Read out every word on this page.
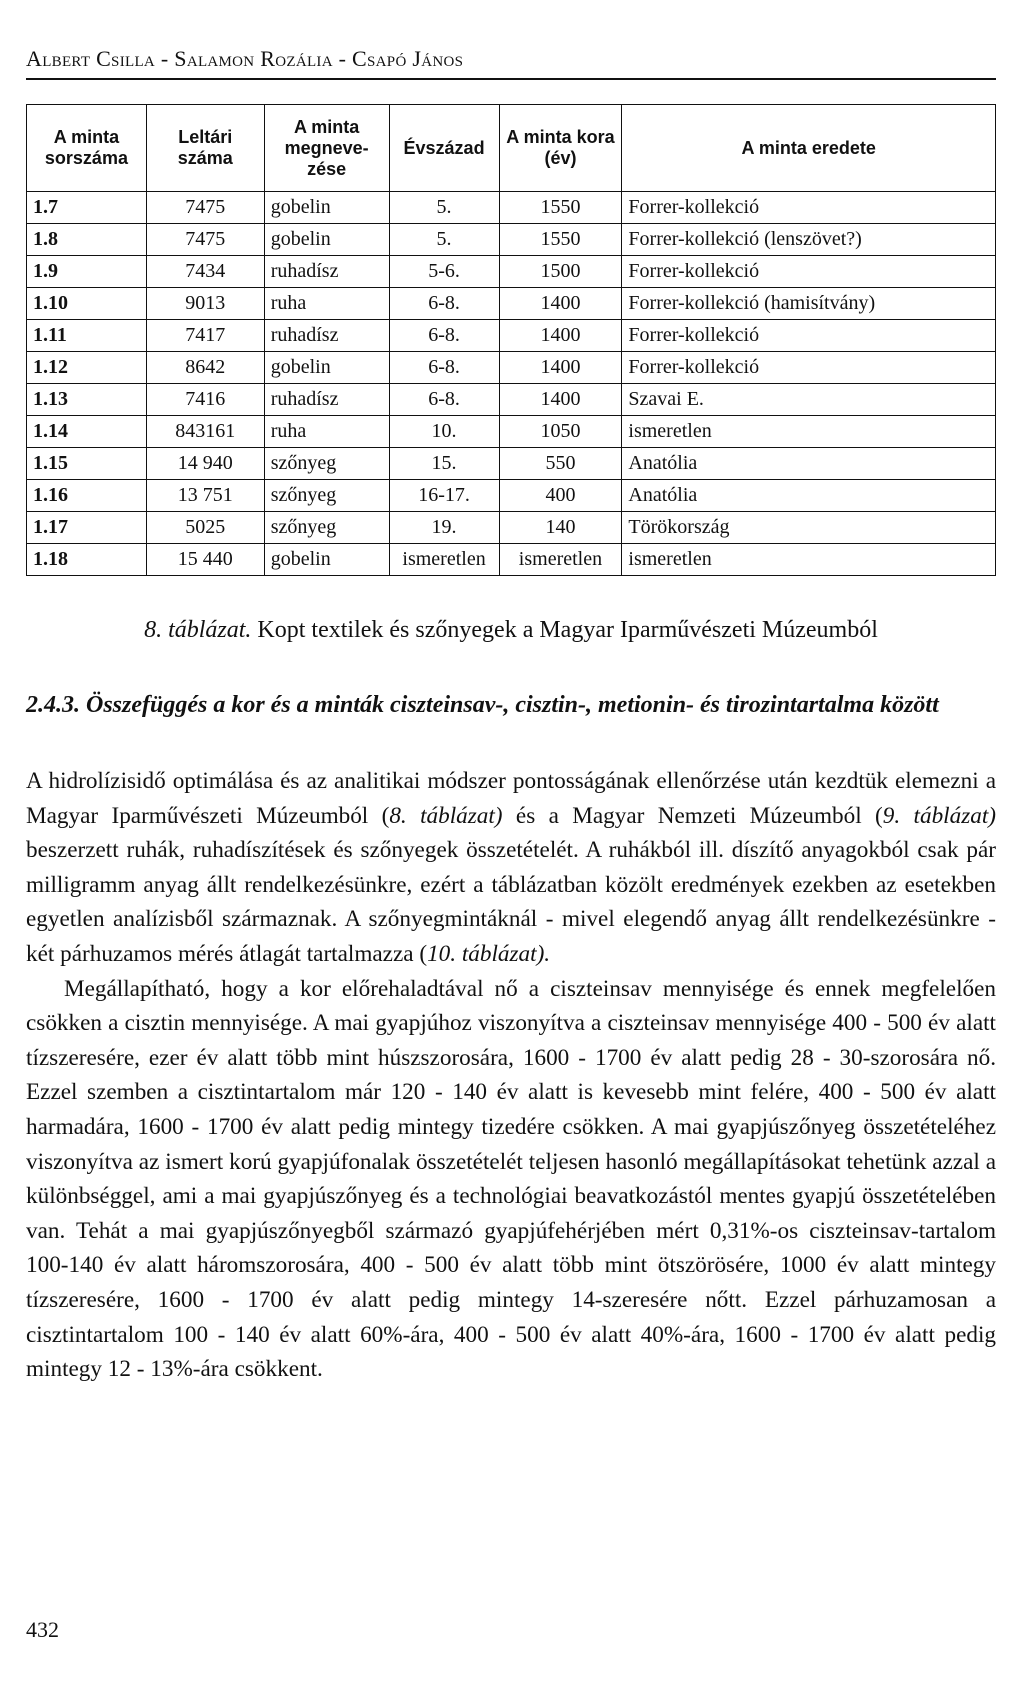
Albert Csilla - Salamon Rozália - Csapó János
A minta sorszáma	Leltári száma	A minta megneve-zése	Évszázad	A minta kora (év)	A minta eredete
1.7	7475	gobelin	5.	1550	Forrer-kollekció
1.8	7475	gobelin	5.	1550	Forrer-kollekció (lenszövet?)
1.9	7434	ruhadísz	5-6.	1500	Forrer-kollekció
1.10	9013	ruha	6-8.	1400	Forrer-kollekció (hamisítvány)
1.11	7417	ruhadísz	6-8.	1400	Forrer-kollekció
1.12	8642	gobelin	6-8.	1400	Forrer-kollekció
1.13	7416	ruhadísz	6-8.	1400	Szavai E.
1.14	843161	ruha	10.	1050	ismeretlen
1.15	14 940	szőnyeg	15.	550	Anatólia
1.16	13 751	szőnyeg	16-17.	400	Anatólia
1.17	5025	szőnyeg	19.	140	Törökország
1.18	15 440	gobelin	ismeretlen	ismeretlen	ismeretlen
8. táblázat. Kopt textilek és szőnyegek a Magyar Iparművészeti Múzeumból
2.4.3. Összefüggés a kor és a minták ciszteinsav-, cisztin-, metionin- és tirozintartalma között

A hidrolízisidő optimálása és az analitikai módszer pontosságának ellenőrzése után kezdtük elemezni a Magyar Iparművészeti Múzeumból (8. táblázat) és a Magyar Nemzeti Múzeumból (9. táblázat) beszerzett ruhák, ruhadíszítések és szőnyegek összetételét. A ruhákból ill. díszítő anyagokból csak pár milligramm anyag állt rendelkezésünkre, ezért a táblázatban közölt eredmények ezekben az esetekben egyetlen analízisből származnak. A szőnyegmintáknál - mivel elegendő anyag állt rendelkezésünkre - két párhuzamos mérés átlagát tartalmazza (10. táblázat).

Megállapítható, hogy a kor előrehaladtával nő a ciszteinsav mennyisége és ennek megfelelően csökken a cisztin mennyisége. A mai gyapjúhoz viszonyítva a ciszteinsav mennyisége 400 - 500 év alatt tízszeresére, ezer év alatt több mint húszszorosára, 1600 - 1700 év alatt pedig 28 - 30-szorosára nő. Ezzel szemben a cisztintartalom már 120 - 140 év alatt is kevesebb mint felére, 400 - 500 év alatt harmadára, 1600 - 1700 év alatt pedig mintegy tizedére csökken. A mai gyapjúszőnyeg összetételéhez viszonyítva az ismert korú gyapjúfonalak összetételét teljesen hasonló megállapításokat tehetünk azzal a különbséggel, ami a mai gyapjúszőnyeg és a technológiai beavatkozástól mentes gyapjú összetételében van. Tehát a mai gyapjúszőnyegből származó gyapjúfehérjében mért 0,31%-os ciszteinsav-tartalom 100-140 év alatt háromszorosára, 400 - 500 év alatt több mint ötszörösére, 1000 év alatt mintegy tízszeresére, 1600 - 1700 év alatt pedig mintegy 14-szeresére nőtt. Ezzel párhuzamosan a cisztintartalom 100 - 140 év alatt 60%-ára, 400 - 500 év alatt 40%-ára, 1600 - 1700 év alatt pedig mintegy 12 - 13%-ára csökkent.

432
